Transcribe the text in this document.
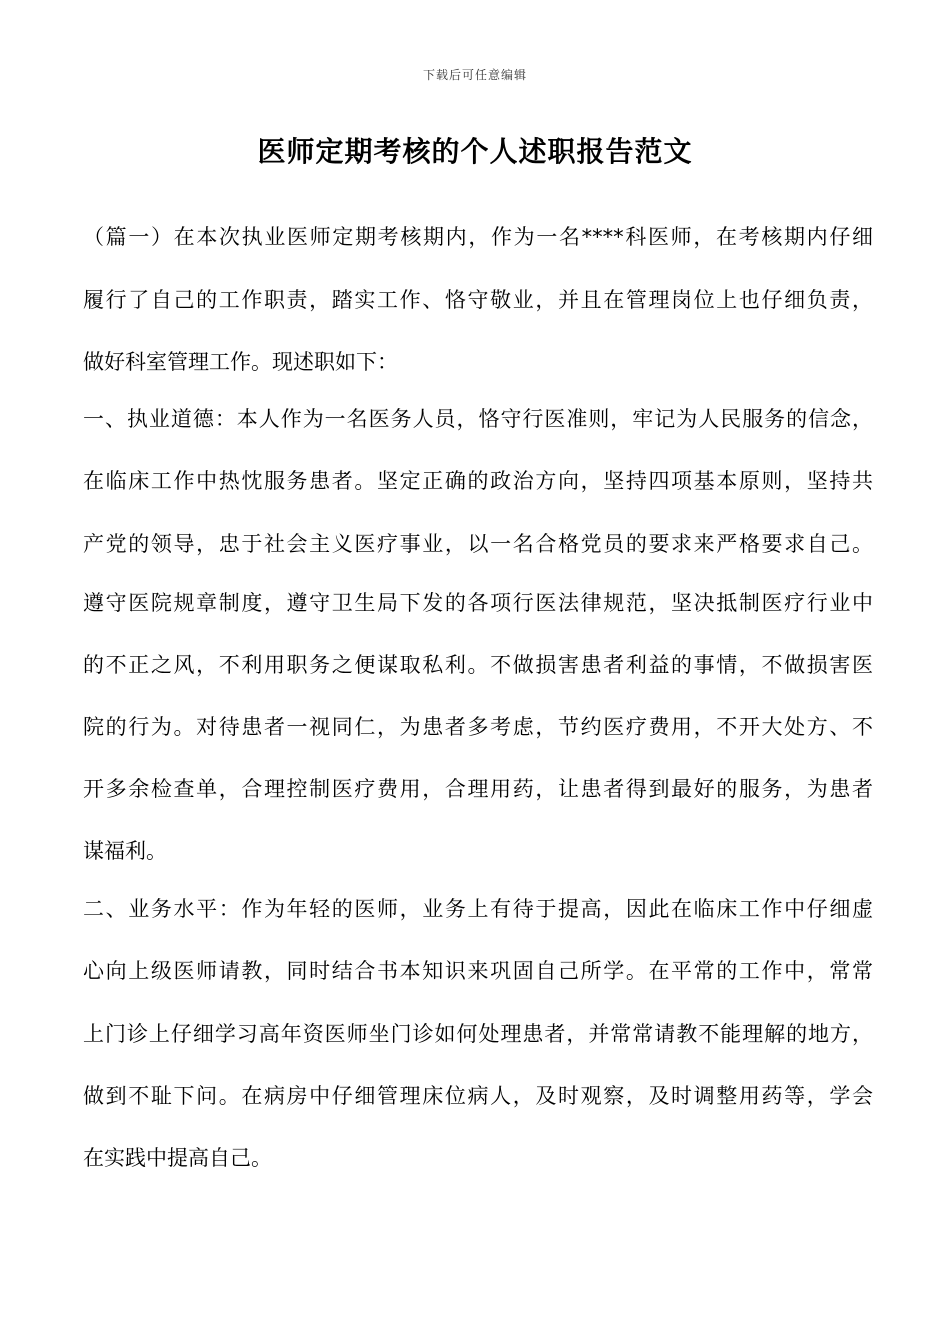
下载后可任意编辑
医师定期考核的个人述职报告范文
（篇一）在本次执业医师定期考核期内，作为一名****科医师，在考核期内仔细
履行了自己的工作职责，踏实工作、恪守敬业，并且在管理岗位上也仔细负责，
做好科室管理工作。现述职如下：
一、执业道德：本人作为一名医务人员，恪守行医准则，牢记为人民服务的信念，
在临床工作中热忱服务患者。坚定正确的政治方向，坚持四项基本原则，坚持共
产党的领导，忠于社会主义医疗事业，以一名合格党员的要求来严格要求自己。
遵守医院规章制度，遵守卫生局下发的各项行医法律规范，坚决抵制医疗行业中
的不正之风，不利用职务之便谋取私利。不做损害患者利益的事情，不做损害医
院的行为。对待患者一视同仁，为患者多考虑，节约医疗费用，不开大处方、不
开多余检查单，合理控制医疗费用，合理用药，让患者得到最好的服务，为患者
谋福利。
二、业务水平：作为年轻的医师，业务上有待于提高，因此在临床工作中仔细虚
心向上级医师请教，同时结合书本知识来巩固自己所学。在平常的工作中，常常
上门诊上仔细学习高年资医师坐门诊如何处理患者，并常常请教不能理解的地方，
做到不耻下问。在病房中仔细管理床位病人，及时观察，及时调整用药等，学会
在实践中提高自己。
